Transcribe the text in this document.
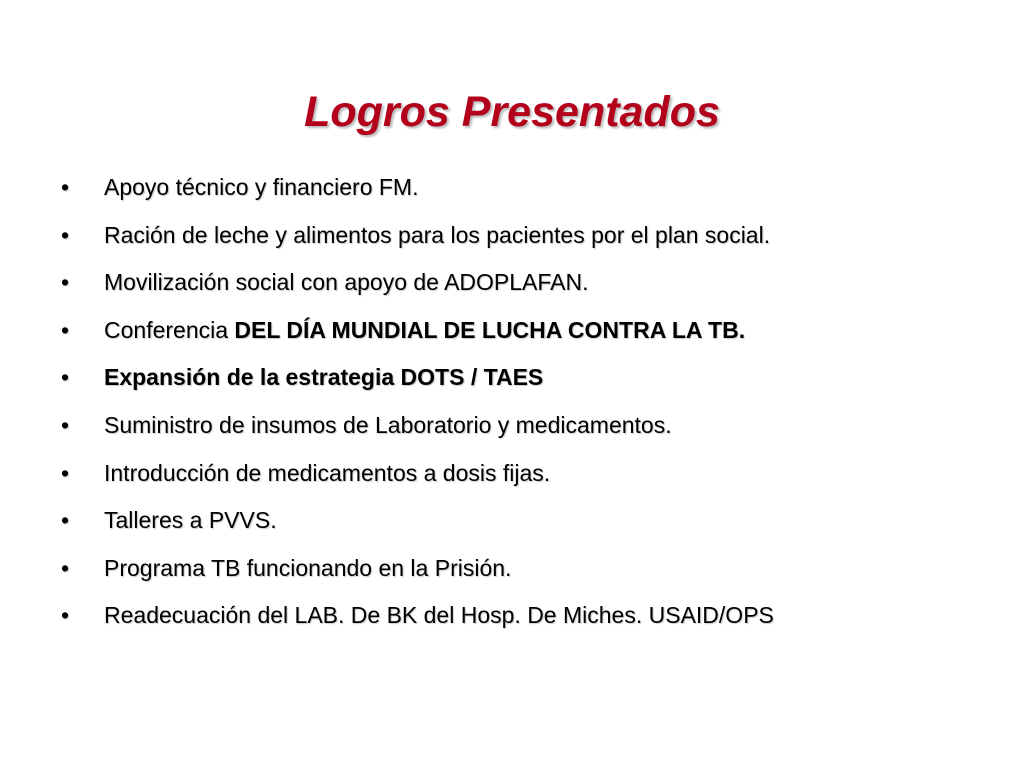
Logros Presentados
• Apoyo técnico y financiero FM.
• Ración de leche y alimentos para los pacientes por el plan social.
• Movilización social con apoyo de ADOPLAFAN.
• Conferencia DEL DÍA MUNDIAL DE LUCHA CONTRA LA TB.
• Expansión de la estrategia DOTS / TAES
• Suministro de insumos de Laboratorio y medicamentos.
• Introducción de medicamentos a dosis fijas.
• Talleres a PVVS.
• Programa TB funcionando en la Prisión.
• Readecuación del LAB. De BK del Hosp. De Miches. USAID/OPS
